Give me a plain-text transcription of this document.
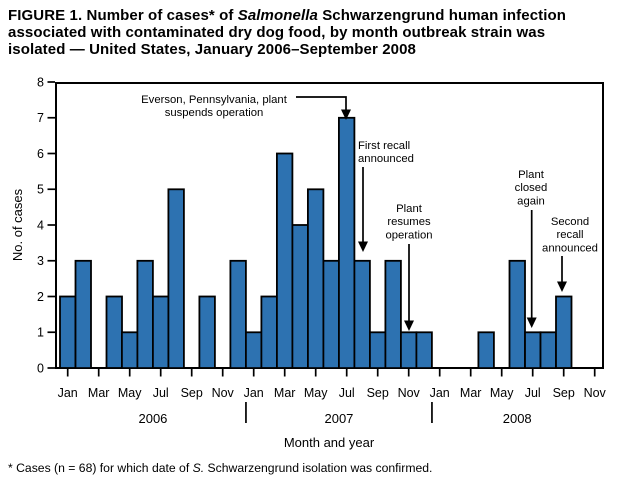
FIGURE 1. Number of cases* of Salmonella Schwarzengrund human infection
associated with contaminated dry dog food, by month outbreak strain was
isolated — United States, January 2006–September 2008
0
1
2
3
4
5
6
7
8
Jan Mar May Jul Sep Nov Jan Mar May Jul Sep Nov Jan Mar May Jul Sep Nov
2006	2007	2008
No. of cases
Month and year
Everson, Pennsylvania, plant suspends operation
First recall announced
Plant resumes operation
Plant closed again
Second recall announced
* Cases (n = 68) for which date of S. Schwarzengrund isolation was confirmed.
